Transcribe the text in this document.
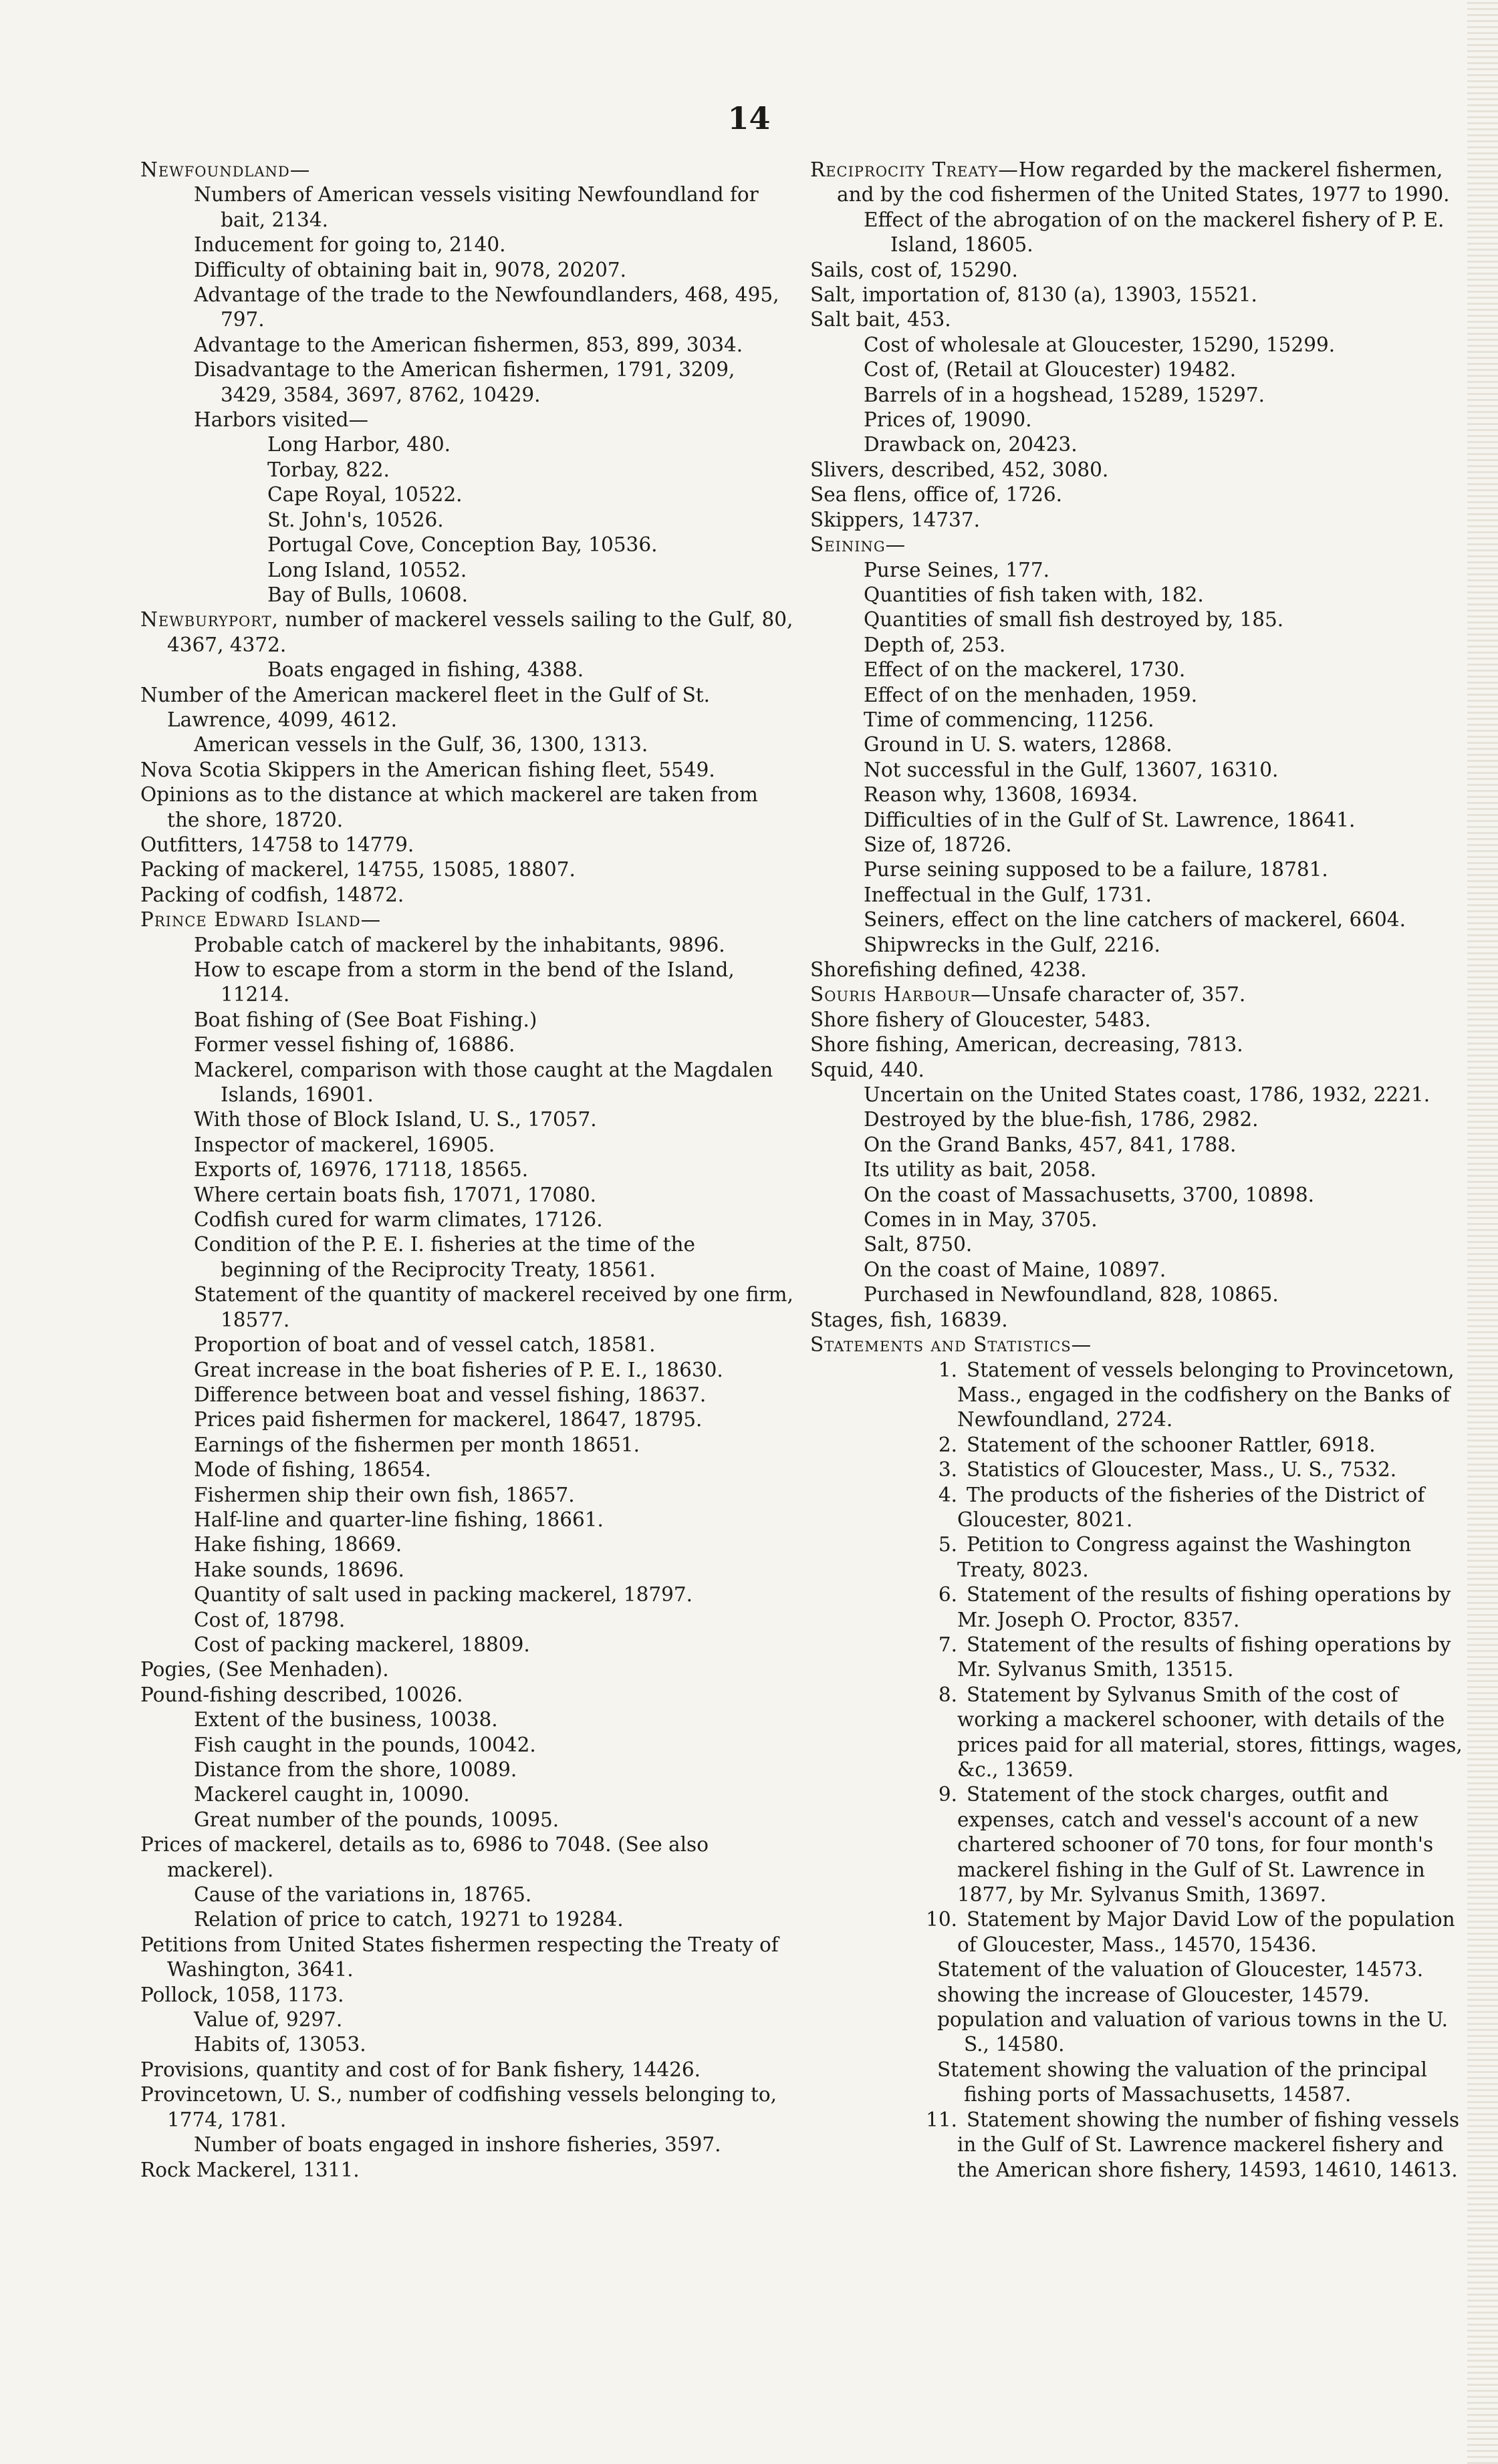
14

Newfoundland—

Numbers of American vessels visiting Newfoundland for bait, 2134.

Inducement for going to, 2140.

Difficulty of obtaining bait in, 9078, 20207.

Advantage of the trade to the Newfoundlanders, 468, 495, 797.

Advantage to the American fishermen, 853, 899, 3034.

Disadvantage to the American fishermen, 1791, 3209, 3429, 3584, 3697, 8762, 10429.

Harbors visited—

Long Harbor, 480.

Torbay, 822.

Cape Royal, 10522.

St. John's, 10526.

Portugal Cove, Conception Bay, 10536.

Long Island, 10552.

Bay of Bulls, 10608.

Newburyport, number of mackerel vessels sailing to the Gulf, 80, 4367, 4372.

Boats engaged in fishing, 4388.

Number of the American mackerel fleet in the Gulf of St. Lawrence, 4099, 4612.

American vessels in the Gulf, 36, 1300, 1313.

Nova Scotia Skippers in the American fishing fleet, 5549.

Opinions as to the distance at which mackerel are taken from the shore, 18720.

Outfitters, 14758 to 14779.

Packing of mackerel, 14755, 15085, 18807.

Packing of codfish, 14872.

Prince Edward Island—

Probable catch of mackerel by the inhabitants, 9896.

How to escape from a storm in the bend of the Island, 11214.

Boat fishing of (See Boat Fishing.)

Former vessel fishing of, 16886.

Mackerel, comparison with those caught at the Magdalen Islands, 16901.

With those of Block Island, U. S., 17057.

Inspector of mackerel, 16905.

Exports of, 16976, 17118, 18565.

Where certain boats fish, 17071, 17080.

Codfish cured for warm climates, 17126.

Condition of the P. E. I. fisheries at the time of the beginning of the Reciprocity Treaty, 18561.

Statement of the quantity of mackerel received by one firm, 18577.

Proportion of boat and of vessel catch, 18581.

Great increase in the boat fisheries of P. E. I., 18630.

Difference between boat and vessel fishing, 18637.

Prices paid fishermen for mackerel, 18647, 18795.

Earnings of the fishermen per month 18651.

Mode of fishing, 18654.

Fishermen ship their own fish, 18657.

Half-line and quarter-line fishing, 18661.

Hake fishing, 18669.

Hake sounds, 18696.

Quantity of salt used in packing mackerel, 18797.

Cost of, 18798.

Cost of packing mackerel, 18809.

Pogies, (See Menhaden).

Pound-fishing described, 10026.

Extent of the business, 10038.

Fish caught in the pounds, 10042.

Distance from the shore, 10089.

Mackerel caught in, 10090.

Great number of the pounds, 10095.

Prices of mackerel, details as to, 6986 to 7048. (See also mackerel).

Cause of the variations in, 18765.

Relation of price to catch, 19271 to 19284.

Petitions from United States fishermen respecting the Treaty of Washington, 3641.

Pollock, 1058, 1173.

Value of, 9297.

Habits of, 13053.

Provisions, quantity and cost of for Bank fishery, 14426.

Provincetown, U. S., number of codfishing vessels belonging to, 1774, 1781.

Number of boats engaged in inshore fisheries, 3597.

Rock Mackerel, 1311.

Reciprocity Treaty—How regarded by the mackerel fishermen, and by the cod fishermen of the United States, 1977 to 1990.

Effect of the abrogation of on the mackerel fishery of P. E. Island, 18605.

Sails, cost of, 15290.

Salt, importation of, 8130 (a), 13903, 15521.

Salt bait, 453.

Cost of wholesale at Gloucester, 15290, 15299.

Cost of, (Retail at Gloucester) 19482.

Barrels of in a hogshead, 15289, 15297.

Prices of, 19090.

Drawback on, 20423.

Slivers, described, 452, 3080.

Sea flens, office of, 1726.

Skippers, 14737.

Seining—

Purse Seines, 177.

Quantities of fish taken with, 182.

Quantities of small fish destroyed by, 185.

Depth of, 253.

Effect of on the mackerel, 1730.

Effect of on the menhaden, 1959.

Time of commencing, 11256.

Ground in U. S. waters, 12868.

Not successful in the Gulf, 13607, 16310.

Reason why, 13608, 16934.

Difficulties of in the Gulf of St. Lawrence, 18641.

Size of, 18726.

Purse seining supposed to be a failure, 18781.

Ineffectual in the Gulf, 1731.

Seiners, effect on the line catchers of mackerel, 6604.

Shipwrecks in the Gulf, 2216.

Shorefishing defined, 4238.

Souris Harbour—Unsafe character of, 357.

Shore fishery of Gloucester, 5483.

Shore fishing, American, decreasing, 7813.

Squid, 440.

Uncertain on the United States coast, 1786, 1932, 2221.

Destroyed by the blue-fish, 1786, 2982.

On the Grand Banks, 457, 841, 1788.

Its utility as bait, 2058.

On the coast of Massachusetts, 3700, 10898.

Comes in in May, 3705.

Salt, 8750.

On the coast of Maine, 10897.

Purchased in Newfoundland, 828, 10865.

Stages, fish, 16839.

Statements and Statistics—

1. Statement of vessels belonging to Provincetown, Mass., engaged in the codfishery on the Banks of Newfoundland, 2724.

2. Statement of the schooner Rattler, 6918.

3. Statistics of Gloucester, Mass., U. S., 7532.

4. The products of the fisheries of the District of Gloucester, 8021.

5. Petition to Congress against the Washington Treaty, 8023.

6. Statement of the results of fishing operations by Mr. Joseph O. Proctor, 8357.

7. Statement of the results of fishing operations by Mr. Sylvanus Smith, 13515.

8. Statement by Sylvanus Smith of the cost of working a mackerel schooner, with details of the prices paid for all material, stores, fittings, wages, &c., 13659.

9. Statement of the stock charges, outfit and expenses, catch and vessel's account of a new chartered schooner of 70 tons, for four month's mackerel fishing in the Gulf of St. Lawrence in 1877, by Mr. Sylvanus Smith, 13697.

10. Statement by Major David Low of the population of Gloucester, Mass., 14570, 15436.

Statement of the valuation of Gloucester, 14573.

showing the increase of Gloucester, 14579.

population and valuation of various towns in the U. S., 14580.

Statement showing the valuation of the principal fishing ports of Massachusetts, 14587.

11. Statement showing the number of fishing vessels in the Gulf of St. Lawrence mackerel fishery and the American shore fishery, 14593, 14610, 14613.
